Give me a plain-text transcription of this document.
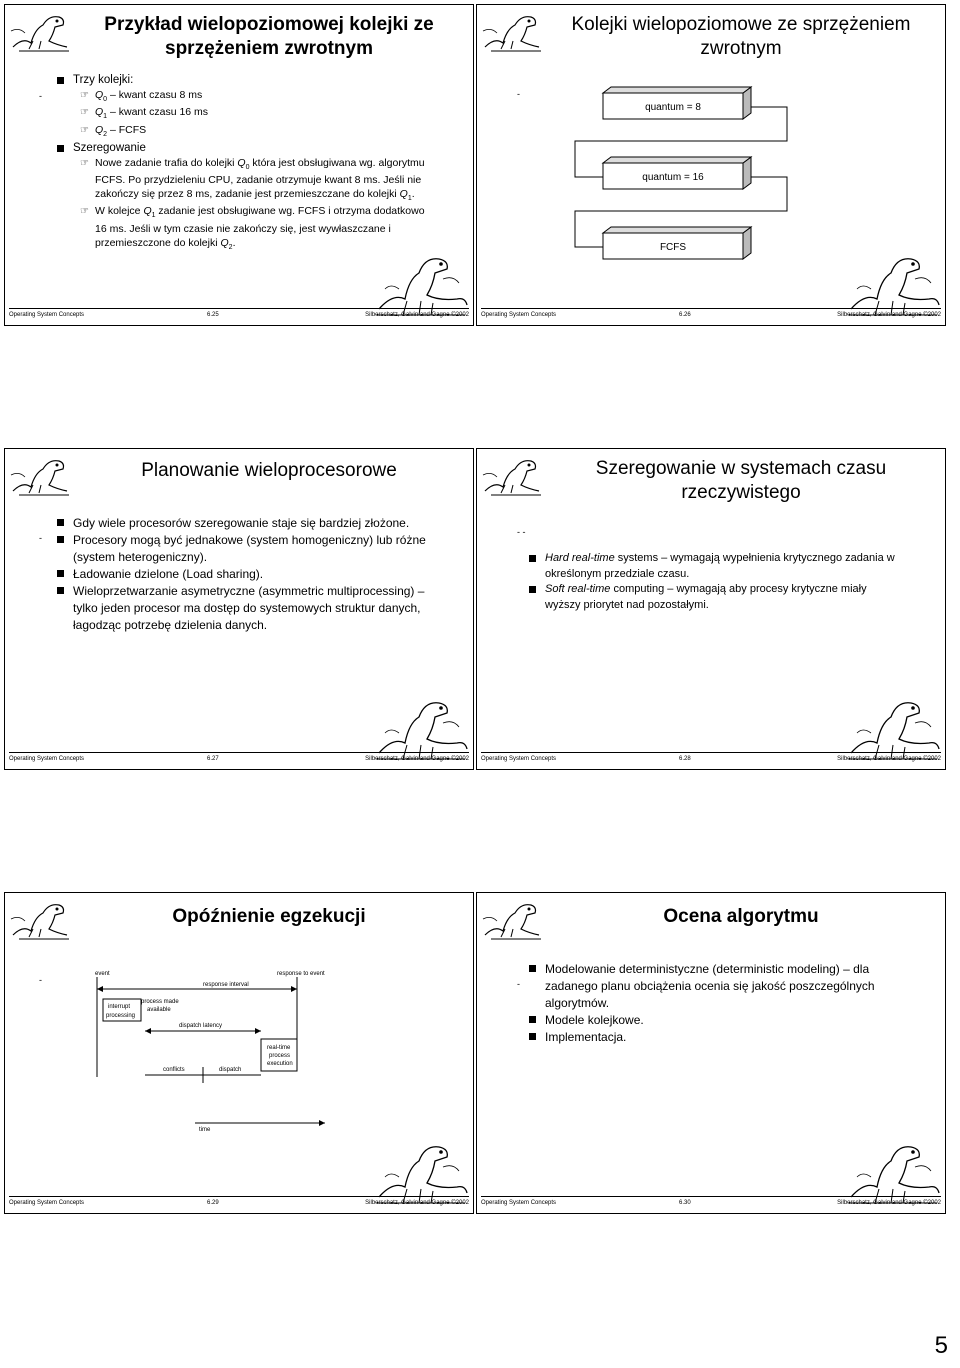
Przykład wielopoziomowej kolejki ze sprzężeniem zwrotnym
-

Trzy kolejki:

☞ $Q_0$ – kwant czasu 8 ms

☞ $Q_1$ – kwant czasu 16 ms

☞ $Q_2$ – FCFS

Szeregowanie

☞ Nowe zadanie trafia do kolejki $Q_0$ która jest obsługiwana wg. algorytmu FCFS. Po przydzieleniu CPU, zadanie otrzymuje kwant 8 ms. Jeśli nie zakończy się przez 8 ms, zadanie jest przemieszczane do kolejki $Q_1$.

☞ W kolejce $Q_1$ zadanie jest obsługiwane wg. FCFS i otrzyma dodatkowo 16 ms. Jeśli w tym czasie nie zakończy się, jest wywłaszczane i przemieszczone do kolejki $Q_2$.

Operating System Concepts	6.25	Silberschatz, Galvin and Gagne ©2002
Kolejki wielopoziomowe ze sprzężeniem zwrotnym
-
quantum = 8
quantum = 16
FCFS
Operating System Concepts	6.26	Silberschatz, Galvin and Gagne ©2002
Planowanie wieloprocesorowe
-

Gdy wiele procesorów szeregowanie staje się bardziej złożone.

Procesory mogą być jednakowe (system homogeniczny) lub różne (system heterogeniczny).

Ładowanie dzielone (Load sharing).

Wieloprzetwarzanie asymetryczne (asymmetric multiprocessing) – tylko jeden procesor ma dostęp do systemowych struktur danych, łagodząc potrzebę dzielenia danych.

Operating System Concepts	6.27	Silberschatz, Galvin and Gagne ©2002
Szeregowanie w systemach czasu rzeczywistego
- -

Hard real-time systems – wymagają wypełnienia krytycznego zadania w określonym przedziale czasu.

Soft real-time computing – wymagają aby procesy krytyczne miały wyższy priorytet nad pozostałymi.

Operating System Concepts	6.28	Silberschatz, Galvin and Gagne ©2002
Opóźnienie egzekucji
-
event	response to event
response interval
interrupt
processing
process made
available
dispatch latency
real-time
process
execution
conflicts	dispatch
time
Operating System Concepts	6.29	Silberschatz, Galvin and Gagne ©2002
Ocena algorytmu
-

Modelowanie deterministyczne (deterministic modeling) – dla zadanego planu obciążenia ocenia się jakość poszczególnych algorytmów.

Modele kolejkowe.

Implementacja.

Operating System Concepts	6.30	Silberschatz, Galvin and Gagne ©2002
5
